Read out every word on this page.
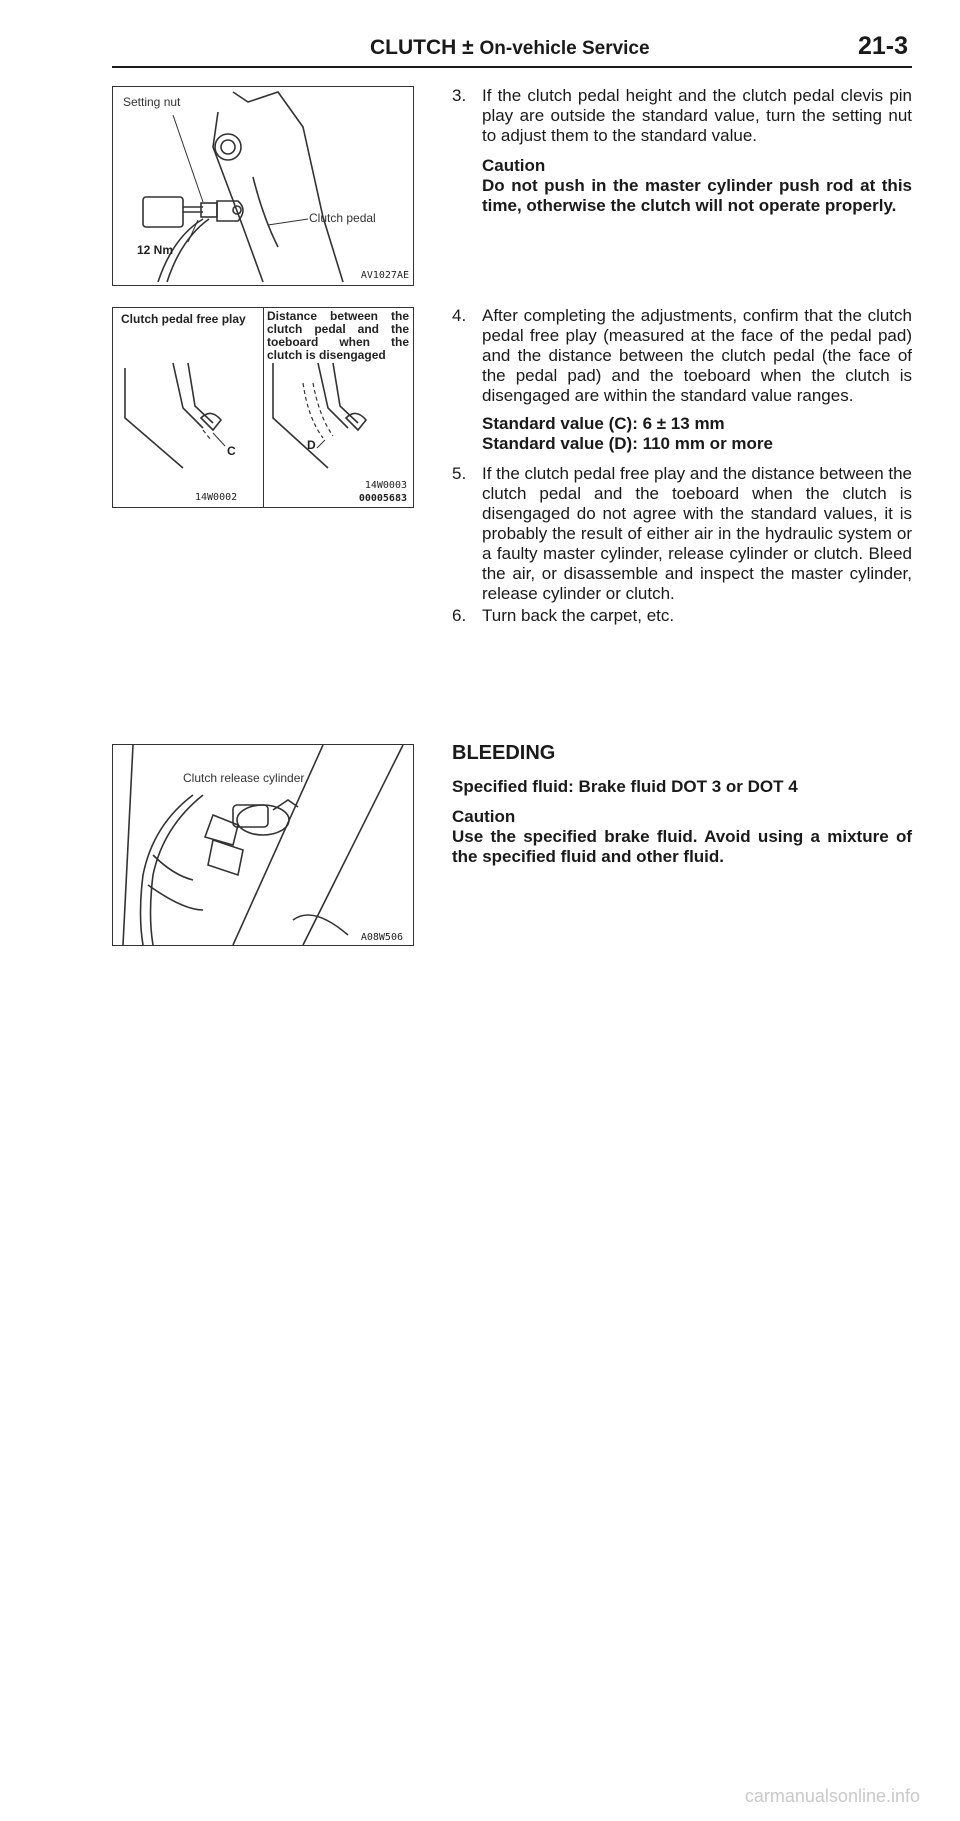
CLUTCH ± On-vehicle Service	21-3
Setting nut
Clutch pedal
12 Nm
AV1027AE
Clutch pedal free play	Distance between the clutch pedal and the toeboard when the clutch is disengaged
C	D
14W0002
14W0003
00005683
Clutch release cylinder
A08W506
3. If the clutch pedal height and the clutch pedal clevis pin play are outside the standard value, turn the setting nut to adjust them to the standard value.
Caution
Do not push in the master cylinder push rod at this time, otherwise the clutch will not operate properly.
4. After completing the adjustments, confirm that the clutch pedal free play (measured at the face of the pedal pad) and the distance between the clutch pedal (the face of the pedal pad) and the toeboard when the clutch is disengaged are within the standard value ranges.
Standard value (C): 6 ± 13 mm
Standard value (D): 110 mm or more
5. If the clutch pedal free play and the distance between the clutch pedal and the toeboard when the clutch is disengaged do not agree with the standard values, it is probably the result of either air in the hydraulic system or a faulty master cylinder, release cylinder or clutch. Bleed the air, or disassemble and inspect the master cylinder, release cylinder or clutch.
6. Turn back the carpet, etc.
BLEEDING
Specified fluid: Brake fluid DOT 3 or DOT 4
Caution
Use the specified brake fluid. Avoid using a mixture of the specified fluid and other fluid.
carmanualsonline.info
